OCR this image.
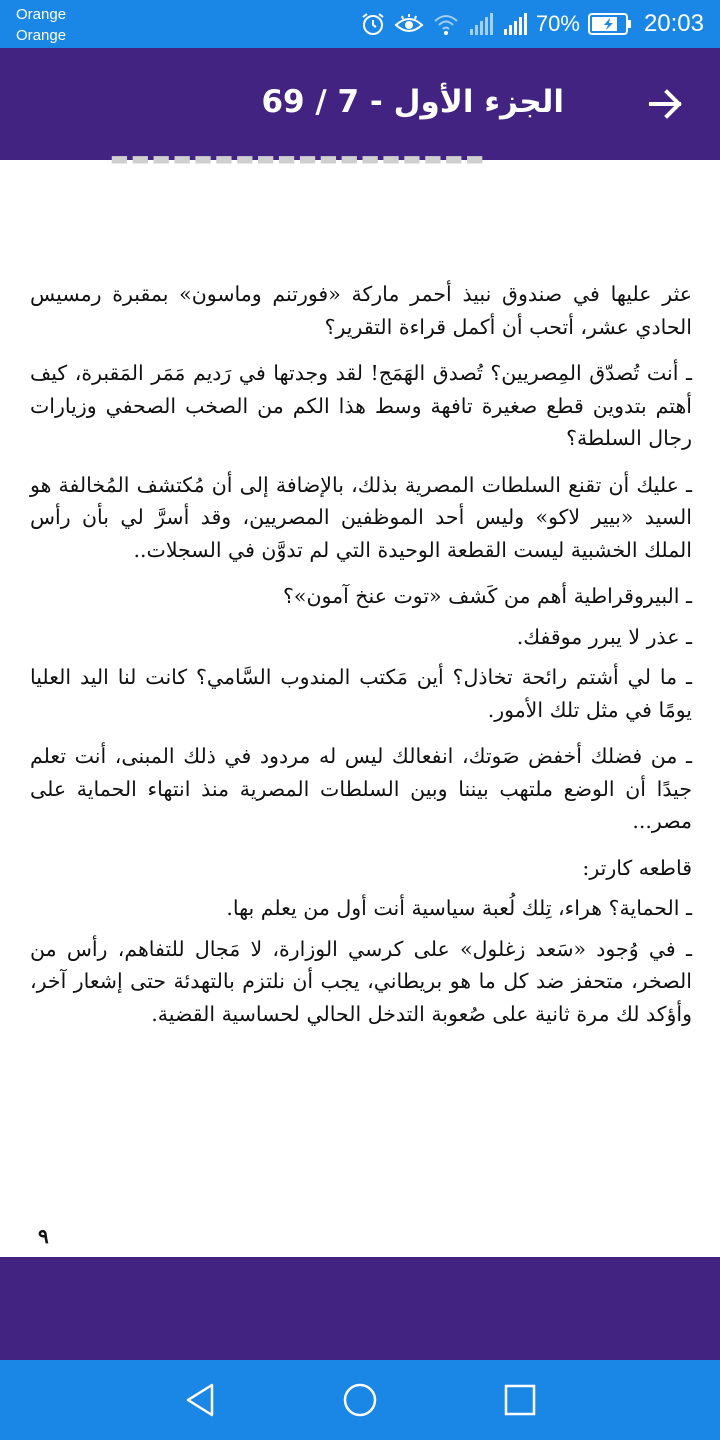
Orange
Orange	70%	20:03
الجزء الأول - 7 / 69
▬▬▬▬▬▬▬▬▬▬▬▬▬▬▬▬▬▬

عثر عليها في صندوق نبيذ أحمر ماركة «فورتنم وماسون» بمقبرة رمسيس الحادي عشر، أتحب أن أكمل قراءة التقرير؟

ـ أنت تُصدّق المِصريين؟ تُصدق الهَمَج! لقد وجدتها في رَديم مَمَر المَقبرة، كيف أهتم بتدوين قطع صغيرة تافهة وسط هذا الكم من الصخب الصحفي وزيارات رجال السلطة؟

ـ عليك أن تقنع السلطات المصرية بذلك، بالإضافة إلى أن مُكتشف المُخالفة هو السيد «بيير لاكو» وليس أحد الموظفين المصريين، وقد أسرَّ لي بأن رأس الملك الخشبية ليست القطعة الوحيدة التي لم تدوَّن في السجلات..

ـ البيروقراطية أهم من كَشف «توت عنخ آمون»؟

ـ عذر لا يبرر موقفك.

ـ ما لي أشتم رائحة تخاذل؟ أين مَكتب المندوب السَّامي؟ كانت لنا اليد العليا يومًا في مثل تلك الأمور.

ـ من فضلك أخفض صَوتك، انفعالك ليس له مردود في ذلك المبنى، أنت تعلم جيدًا أن الوضع ملتهب بيننا وبين السلطات المصرية منذ انتهاء الحماية على مصر...

قاطعه كارتر:

ـ الحماية؟ هراء، تِلك لُعبة سياسية أنت أول من يعلم بها.

ـ في وُجود «سَعد زغلول» على كرسي الوزارة، لا مَجال للتفاهم، رأس من الصخر، متحفز ضد كل ما هو بريطاني، يجب أن نلتزم بالتهدئة حتى إشعار آخر، وأؤكد لك مرة ثانية على صُعوبة التدخل الحالي لحساسية القضية.

٩
